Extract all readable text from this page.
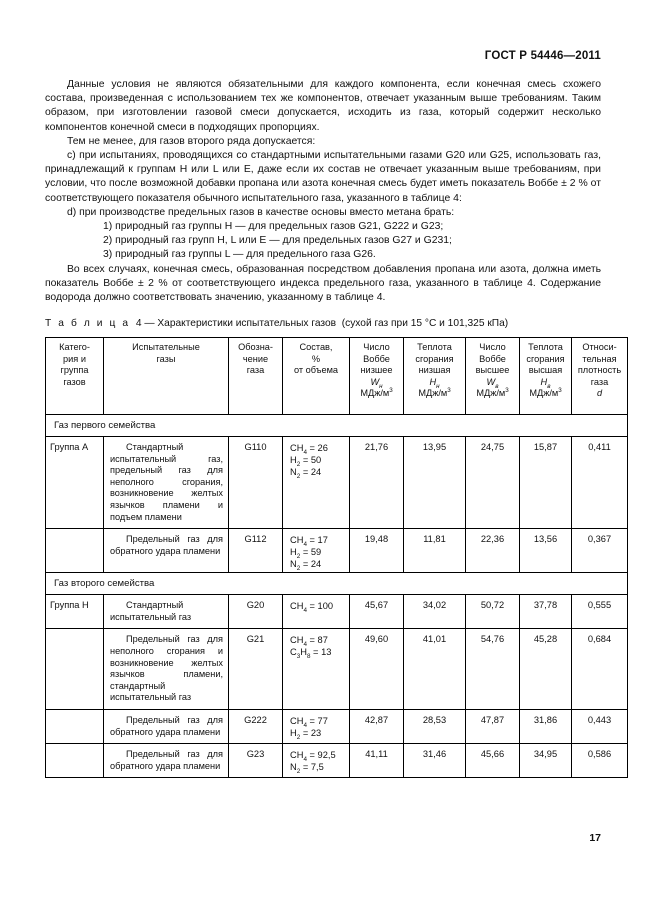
ГОСТ Р 54446—2011

Данные условия не являются обязательными для каждого компонента, если конечная смесь схожего состава, произведенная с использованием тех же компонентов, отвечает указанным выше требованиям. Таким образом, при изготовлении газовой смеси допускается, исходить из газа, который содержит несколько компонентов конечной смеси в подходящих пропорциях.

Тем не менее, для газов второго ряда допускается:

с) при испытаниях, проводящихся со стандартными испытательными газами G20 или G25, использовать газ, принадлежащий к группам Н или L или Е, даже если их состав не отвечает указанным выше требованиям, при условии, что после возможной добавки пропана или азота конечная смесь будет иметь показатель Воббе ± 2 % от соответствующего показателя обычного испытательного газа, указанного в таблице 4:

d) при производстве предельных газов в качестве основы вместо метана брать:

1) природный газ группы Н — для предельных газов G21, G222 и G23;

2) природный газ групп Н, L или Е — для предельных газов G27 и G231;

3) природный газ группы L — для предельного газа G26.

Во всех случаях, конечная смесь, образованная посредством добавления пропана или азота, должна иметь показатель Воббе ± 2 % от соответствующего индекса предельного газа, указанного в таблице 4. Содержание водорода должно соответствовать значению, указанному в таблице 4.

Т а б л и ц а 4 — Характеристики испытательных газов (сухой газ при 15 °C и 101,325 кПа)
Катего-
рия и
группа
газов	Испытательные
газы	Обозна-
чение
газа	Состав,
%
от объема	Число
Воббе
низшее
$W_н$
МДж/$м^3$	Теплота
сгорания
низшая
$H_н$
МДж/$м^3$	Число
Воббе
высшее
$W_в$
МДж/$м^3$	Теплота
сгорания
высшая
$H_в$
МДж/$м^3$	Относи-
тельная
плотность
газа
d

Газ первого семейства								
Группа А	Стандартный испытательный газ, предельный газ для неполного сгорания, возникновение желтых язычков пламени и подъем пламени	G110	$CH_4 = 26$
$H_2 = 50$
$N_2 = 24$	21,76	13,95	24,75	15,87	0,411
	Предельный газ для обратного удара пламени	G112	$CH_4 = 17$
$H_2 = 59$
$N_2 = 24$	19,48	11,81	22,36	13,56	0,367
Газ второго семейства								
Группа Н	Стандартный испытательный газ	G20	$CH_4 = 100$	45,67	34,02	50,72	37,78	0,555
	Предельный газ для неполного сгорания и возникновение желтых язычков пламени, стандартный испытательный газ	G21	$CH_4 = 87$
$C_3H_8 = 13$	49,60	41,01	54,76	45,28	0,684
	Предельный газ для обратного удара пламени	G222	$CH_4 = 77$
$H_2 = 23$	42,87	28,53	47,87	31,86	0,443
	Предельный газ для обратного удара пламени	G23	$CH_4 = 92,5$
$N_2 = 7,5$	41,11	31,46	45,66	34,95	0,586
17
